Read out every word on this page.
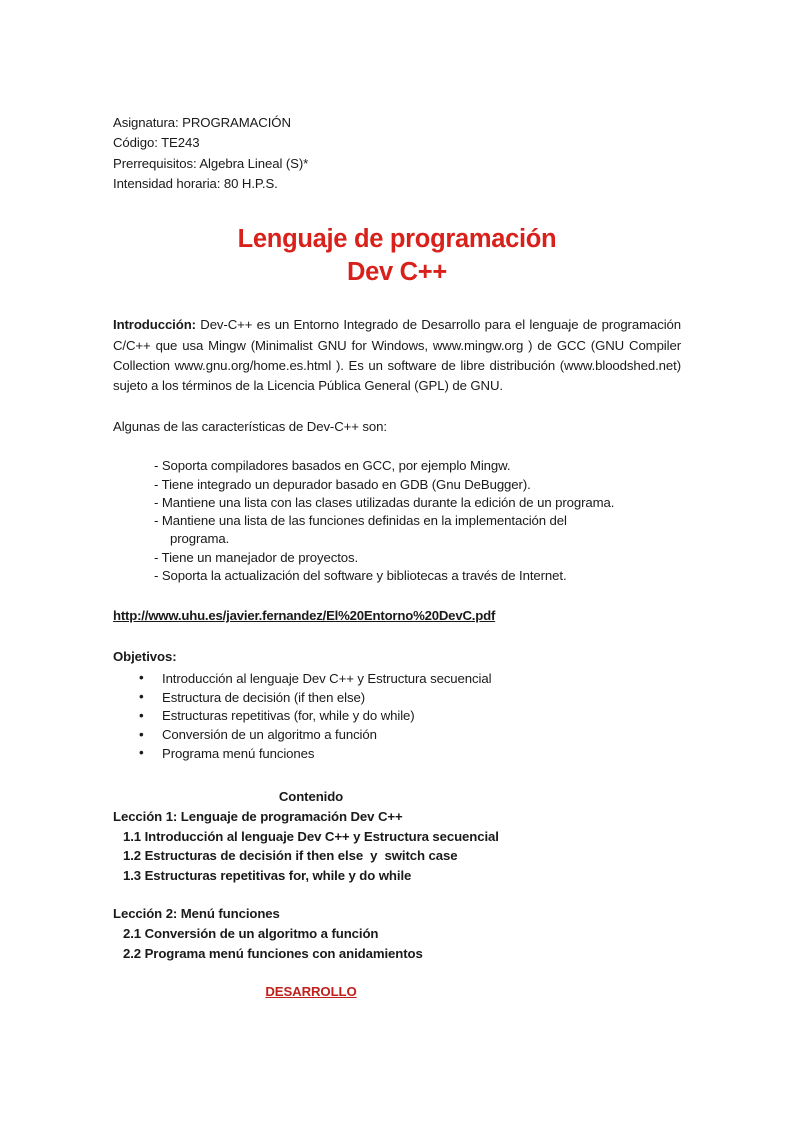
Asignatura: PROGRAMACIÓN
Código: TE243
Prerrequisitos: Algebra Lineal (S)*
Intensidad horaria: 80 H.P.S.
Lenguaje de programación
Dev C++

Introducción: Dev-C++ es un Entorno Integrado de Desarrollo para el lenguaje de programación C/C++ que usa Mingw (Minimalist GNU for Windows, www.mingw.org ) de GCC (GNU Compiler Collection www.gnu.org/home.es.html ). Es un software de libre distribución (www.bloodshed.net) sujeto a los términos de la Licencia Pública General (GPL) de GNU.

Algunas de las características de Dev-C++ son:
- Soporta compiladores basados en GCC, por ejemplo Mingw.
- Tiene integrado un depurador basado en GDB (Gnu DeBugger).
- Mantiene una lista con las clases utilizadas durante la edición de un programa.
- Mantiene una lista de las funciones definidas en la implementación del
programa.
- Tiene un manejador de proyectos.
- Soporta la actualización del software y bibliotecas a través de Internet.
http://www.uhu.es/javier.fernandez/El%20Entorno%20DevC.pdf
Objetivos:
• Introducción al lenguaje Dev C++ y Estructura secuencial
• Estructura de decisión (if then else)
• Estructuras repetitivas (for, while y do while)
• Conversión de un algoritmo a función
• Programa menú funciones
Contenido
Lección 1: Lenguaje de programación Dev C++
1.1 Introducción al lenguaje Dev C++ y Estructura secuencial
1.2 Estructuras de decisión if then else  y  switch case
1.3 Estructuras repetitivas for, while y do while
Lección 2: Menú funciones
2.1 Conversión de un algoritmo a función
2.2 Programa menú funciones con anidamientos
DESARROLLO
